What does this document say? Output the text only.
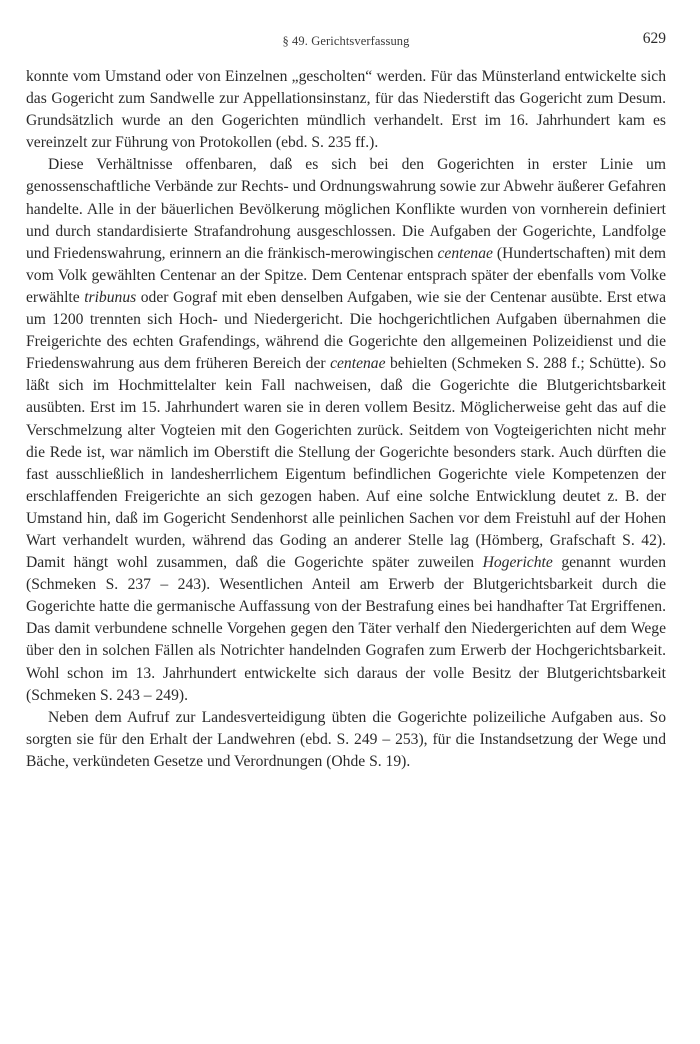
§ 49. Gerichtsverfassung	629

konnte vom Umstand oder von Einzelnen „gescholten“ werden. Für das Münsterland entwickelte sich das Gogericht zum Sandwelle zur Appellationsinstanz, für das Niederstift das Gogericht zum Desum. Grundsätzlich wurde an den Gogerichten mündlich verhandelt. Erst im 16. Jahrhundert kam es vereinzelt zur Führung von Protokollen (ebd. S. 235 ff.).

Diese Verhältnisse offenbaren, daß es sich bei den Gogerichten in erster Linie um genossenschaftliche Verbände zur Rechts- und Ordnungswahrung sowie zur Abwehr äußerer Gefahren handelte. Alle in der bäuerlichen Bevölkerung möglichen Konflikte wurden von vornherein definiert und durch standardisierte Strafandrohung ausgeschlossen. Die Aufgaben der Gogerichte, Landfolge und Friedenswahrung, erinnern an die fränkisch-merowingischen centenae (Hundertschaften) mit dem vom Volk gewählten Centenar an der Spitze. Dem Centenar entsprach später der ebenfalls vom Volke erwählte tribunus oder Gograf mit eben denselben Aufgaben, wie sie der Centenar ausübte. Erst etwa um 1200 trennten sich Hoch- und Niedergericht. Die hochgerichtlichen Aufgaben übernahmen die Freigerichte des echten Grafendings, während die Gogerichte den allgemeinen Polizeidienst und die Friedenswahrung aus dem früheren Bereich der centenae behielten (Schmeken S. 288 f.; Schütte). So läßt sich im Hochmittelalter kein Fall nachweisen, daß die Gogerichte die Blutgerichtsbarkeit ausübten. Erst im 15. Jahrhundert waren sie in deren vollem Besitz. Möglicherweise geht das auf die Verschmelzung alter Vogteien mit den Gogerichten zurück. Seitdem von Vogteigerichten nicht mehr die Rede ist, war nämlich im Oberstift die Stellung der Gogerichte besonders stark. Auch dürften die fast ausschließlich in landesherrlichem Eigentum befindlichen Gogerichte viele Kompetenzen der erschlaffenden Freigerichte an sich gezogen haben. Auf eine solche Entwicklung deutet z. B. der Umstand hin, daß im Gogericht Sendenhorst alle peinlichen Sachen vor dem Freistuhl auf der Hohen Wart verhandelt wurden, während das Goding an anderer Stelle lag (Hömberg, Grafschaft S. 42). Damit hängt wohl zusammen, daß die Gogerichte später zuweilen Hogerichte genannt wurden (Schmeken S. 237 – 243). Wesentlichen Anteil am Erwerb der Blutgerichtsbarkeit durch die Gogerichte hatte die germanische Auffassung von der Bestrafung eines bei handhafter Tat Ergriffenen. Das damit verbundene schnelle Vorgehen gegen den Täter verhalf den Niedergerichten auf dem Wege über den in solchen Fällen als Notrichter handelnden Gografen zum Erwerb der Hochgerichtsbarkeit. Wohl schon im 13. Jahrhundert entwickelte sich daraus der volle Besitz der Blutgerichtsbarkeit (Schmeken S. 243 – 249).

Neben dem Aufruf zur Landesverteidigung übten die Gogerichte polizeiliche Aufgaben aus. So sorgten sie für den Erhalt der Landwehren (ebd. S. 249 – 253), für die Instandsetzung der Wege und Bäche, verkündeten Gesetze und Verordnungen (Ohde S. 19).
